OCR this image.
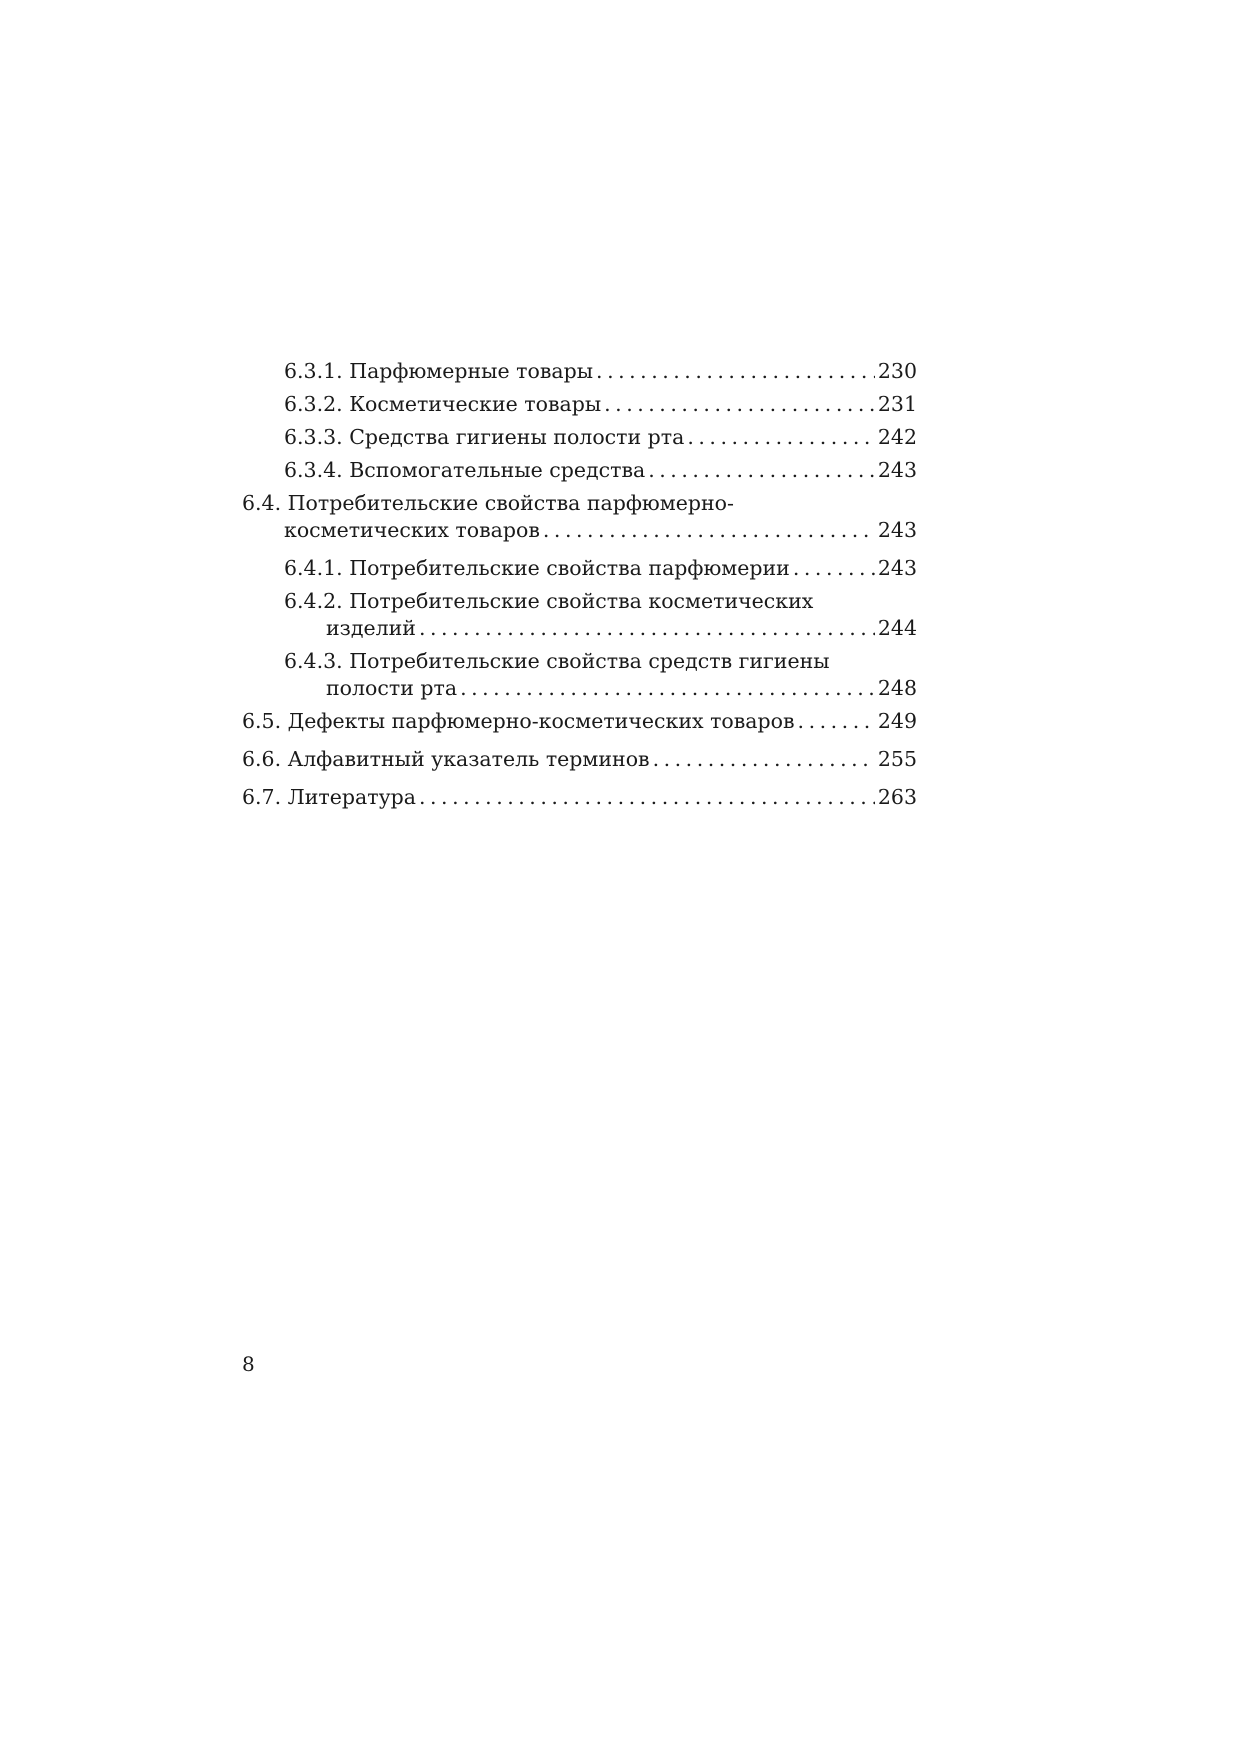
6.3.1. Парфюмерные товары . . .	230
6.3.2. Косметические товары . . .	231
6.3.3. Средства гигиены полости рта . . .	242
6.3.4. Вспомогательные средства . . .	243
6.4. Потребительские свойства парфюмерно-
косметических товаров . . .	243
6.4.1. Потребительские свойства парфюмерии . . .	243
6.4.2. Потребительские свойства косметических
изделий . . .	244
6.4.3. Потребительские свойства средств гигиены
полости рта . . .	248
6.5. Дефекты парфюмерно-косметических товаров . . .	249
6.6. Алфавитный указатель терминов . . .	255
6.7. Литература . . .	263
8
